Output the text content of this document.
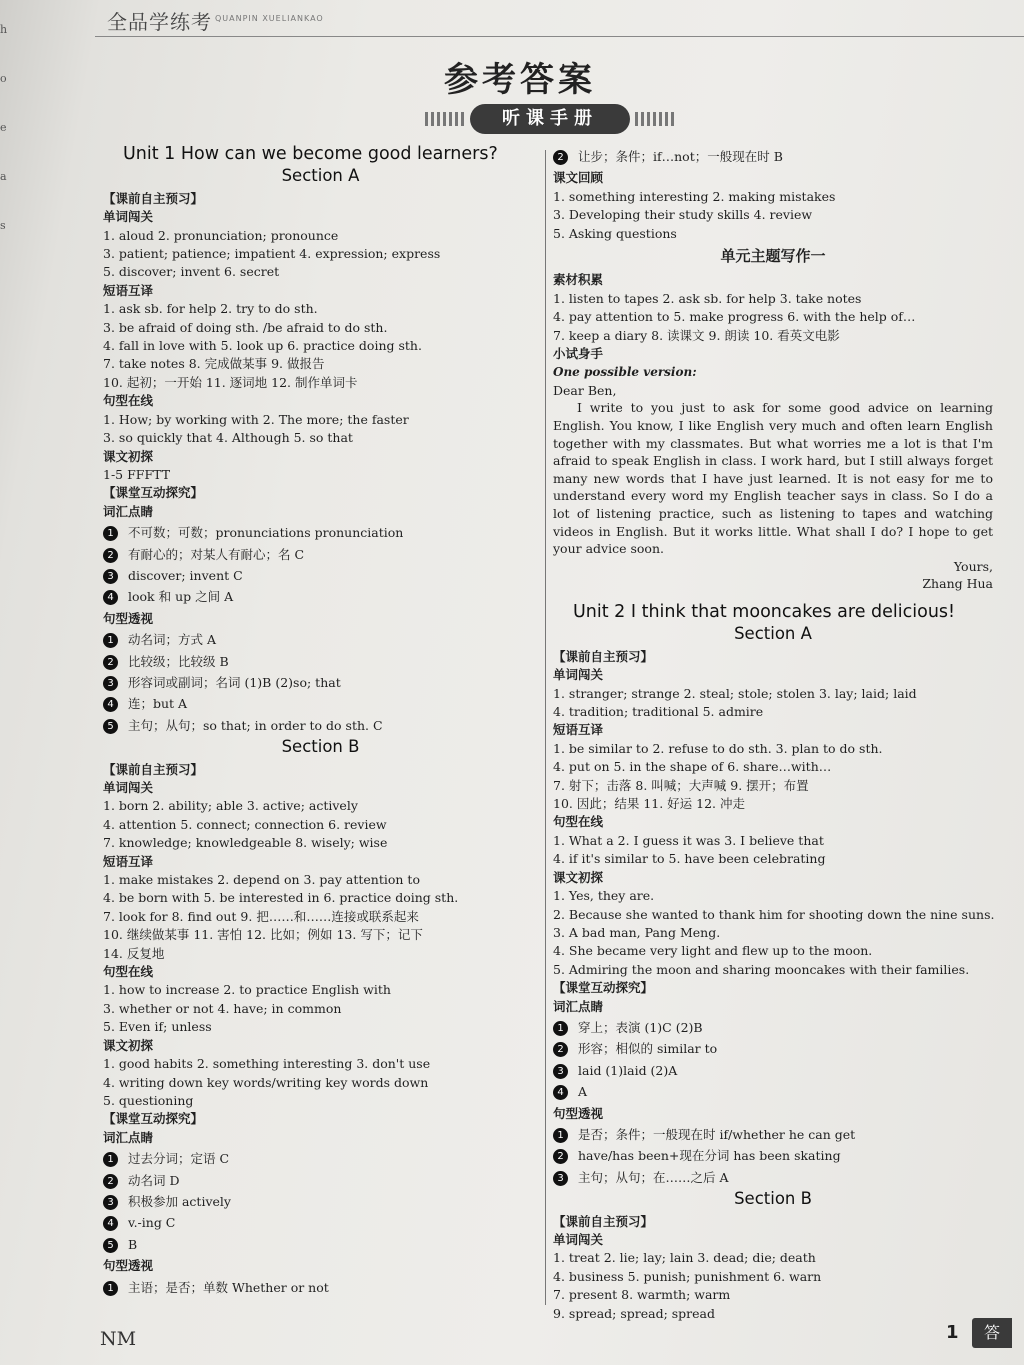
h
o
e
a
s
全品学练考 QUANPIN XUELIANKAO
参考答案
听课手册
Unit 1 How can we become good learners?
Section A
【课前自主预习】
单词闯关
1. aloud 2. pronunciation; pronounce
3. patient; patience; impatient 4. expression; express
5. discover; invent 6. secret
短语互译
1. ask sb. for help 2. try to do sth.
3. be afraid of doing sth. /be afraid to do sth.
4. fall in love with 5. look up 6. practice doing sth.
7. take notes 8. 完成做某事 9. 做报告
10. 起初；一开始 11. 逐词地 12. 制作单词卡
句型在线
1. How; by working with 2. The more; the faster
3. so quickly that 4. Although 5. so that
课文初探
1-5 FFFTT
【课堂互动探究】
词汇点睛
1 不可数；可数；pronunciations pronunciation
2 有耐心的；对某人有耐心；名 C
3 discover; invent C
4 look 和 up 之间 A
句型透视
1 动名词；方式 A
2 比较级；比较级 B
3 形容词或副词；名词 (1)B (2)so; that
4 连；but A
5 主句；从句；so that; in order to do sth. C
Section B
【课前自主预习】
单词闯关
1. born 2. ability; able 3. active; actively
4. attention 5. connect; connection 6. review
7. knowledge; knowledgeable 8. wisely; wise
短语互译
1. make mistakes 2. depend on 3. pay attention to
4. be born with 5. be interested in 6. practice doing sth.
7. look for 8. find out 9. 把……和……连接或联系起来
10. 继续做某事 11. 害怕 12. 比如；例如 13. 写下；记下
14. 反复地
句型在线
1. how to increase 2. to practice English with
3. whether or not 4. have; in common
5. Even if; unless
课文初探
1. good habits 2. something interesting 3. don't use
4. writing down key words/writing key words down
5. questioning
【课堂互动探究】
词汇点睛
1 过去分词；定语 C
2 动名词 D
3 积极参加 actively
4 v.-ing C
5 B
句型透视
1 主语；是否；单数 Whether or not
2 让步；条件；if…not；一般现在时 B
课文回顾
1. something interesting 2. making mistakes
3. Developing their study skills 4. review
5. Asking questions
单元主题写作一
素材积累
1. listen to tapes 2. ask sb. for help 3. take notes
4. pay attention to 5. make progress 6. with the help of…
7. keep a diary 8. 读课文 9. 朗读 10. 看英文电影
小试身手
One possible version:

Dear Ben,

I write to you just to ask for some good advice on learning English. You know, I like English very much and often learn English together with my classmates. But what worries me a lot is that I'm afraid to speak English in class. I work hard, but I still always forget many new words that I have just learned. It is not easy for me to understand every word my English teacher says in class. So I do a lot of listening practice, such as listening to tapes and watching videos in English. But it works little. What shall I do? I hope to get your advice soon.

Yours,

Zhang Hua

Unit 2 I think that mooncakes are delicious!
Section A
【课前自主预习】
单词闯关
1. stranger; strange 2. steal; stole; stolen 3. lay; laid; laid
4. tradition; traditional 5. admire
短语互译
1. be similar to 2. refuse to do sth. 3. plan to do sth.
4. put on 5. in the shape of 6. share…with…
7. 射下；击落 8. 叫喊；大声喊 9. 摆开；布置
10. 因此；结果 11. 好运 12. 冲走
句型在线
1. What a 2. I guess it was 3. I believe that
4. if it's similar to 5. have been celebrating
课文初探
1. Yes, they are.
2. Because she wanted to thank him for shooting down the nine suns.
3. A bad man, Pang Meng.
4. She became very light and flew up to the moon.
5. Admiring the moon and sharing mooncakes with their families.
【课堂互动探究】
词汇点睛
1 穿上；表演 (1)C (2)B
2 形容；相似的 similar to
3 laid (1)laid (2)A
4 A
句型透视
1 是否；条件；一般现在时 if/whether he can get
2 have/has been+现在分词 has been skating
3 主句；从句；在……之后 A
Section B
【课前自主预习】
单词闯关
1. treat 2. lie; lay; lain 3. dead; die; death
4. business 5. punish; punishment 6. warn
7. present 8. warmth; warm
9. spread; spread; spread
NM	1	答
